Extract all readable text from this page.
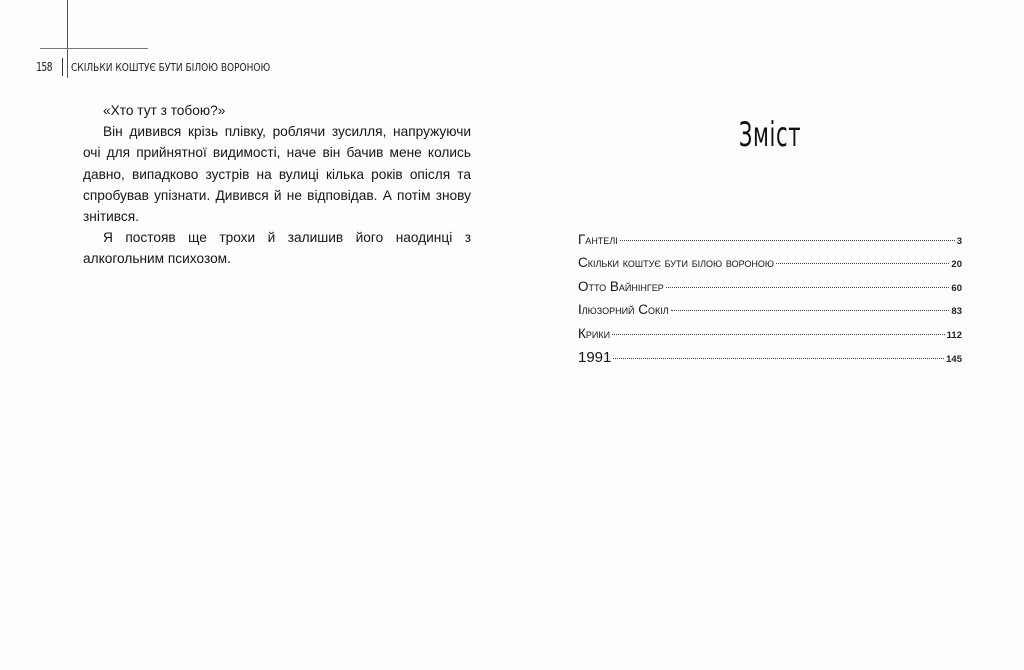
158 СКІЛЬКИ КОШТУЄ БУТИ БІЛОЮ ВОРОНОЮ

«Хто тут з тобою?»

Він дивився крізь плівку, роблячи зусилля, напружуючи очі для прийнятної видимості, наче він бачив мене колись давно, випадково зустрів на вулиці кілька років опісля та спробував упізнати. Дивився й не відповідав. А потім знову знітився.

Я постояв ще трохи й залишив його наодинці з алкогольним психозом.

Зміст
Гантелі	3
Скільки коштує бути білою вороною	20
Отто Вайнінгер	60
Ілюзорний Сокіл	83
Крики	112
1991	145
